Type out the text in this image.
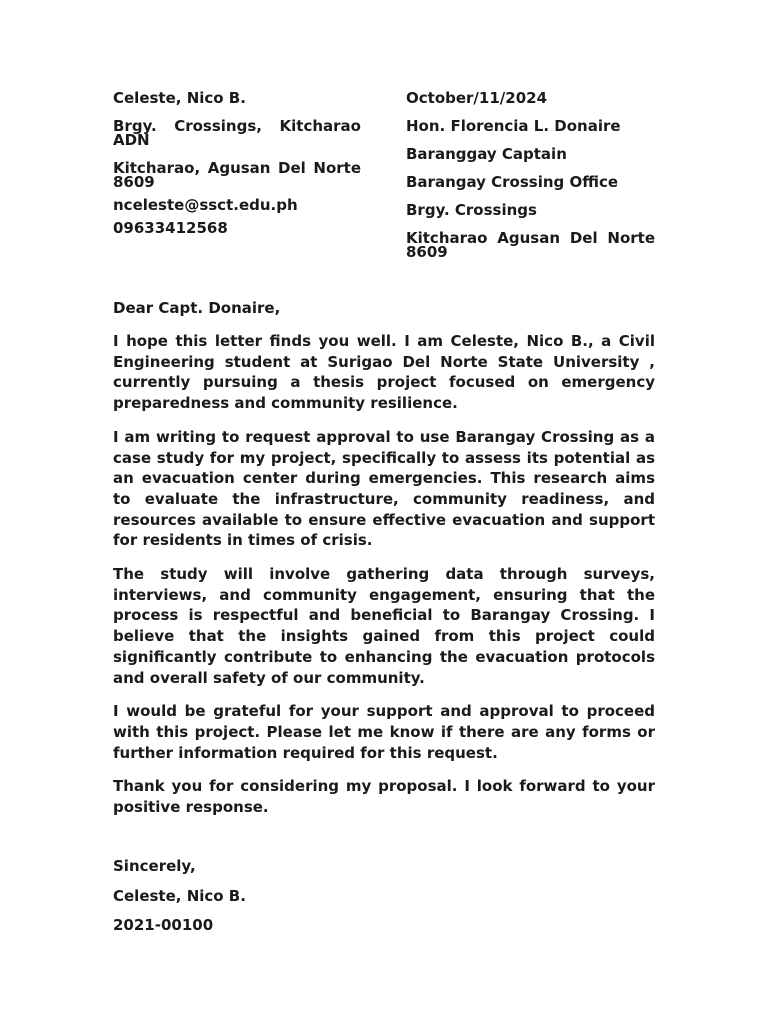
Celeste, Nico B.
Brgy. Crossings, Kitcharao ADN
Kitcharao, Agusan Del Norte 8609
nceleste@ssct.edu.ph
09633412568
October/11/2024
Hon. Florencia L. Donaire
Baranggay Captain
Barangay Crossing Office
Brgy. Crossings
Kitcharao Agusan Del Norte 8609
Dear Capt. Donaire,

I hope this letter finds you well. I am Celeste, Nico B., a Civil Engineering student at Surigao Del Norte State University , currently pursuing a thesis project focused on emergency preparedness and community resilience.

I am writing to request approval to use Barangay Crossing as a case study for my project, specifically to assess its potential as an evacuation center during emergencies. This research aims to evaluate the infrastructure, community readiness, and resources available to ensure effective evacuation and support for residents in times of crisis.

The study will involve gathering data through surveys, interviews, and community engagement, ensuring that the process is respectful and beneficial to Barangay Crossing. I believe that the insights gained from this project could significantly contribute to enhancing the evacuation protocols and overall safety of our community.

I would be grateful for your support and approval to proceed with this project. Please let me know if there are any forms or further information required for this request.

Thank you for considering my proposal. I look forward to your positive response.

Sincerely,
Celeste, Nico B.
2021-00100
